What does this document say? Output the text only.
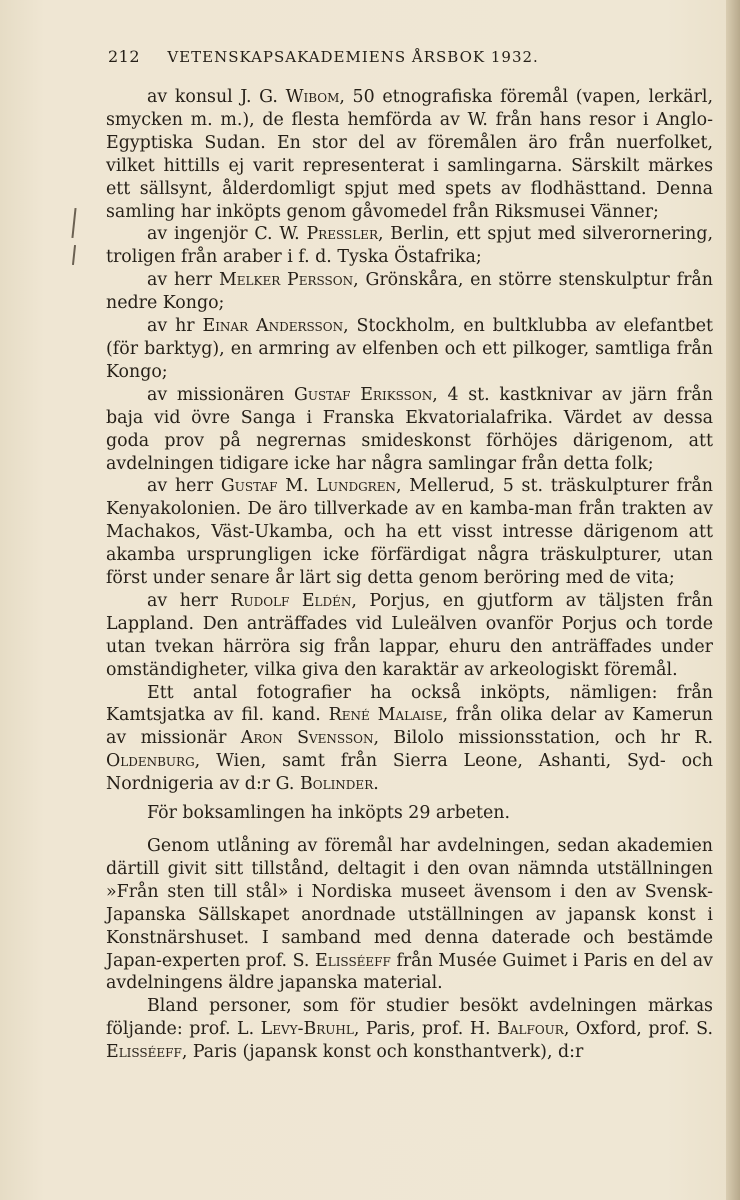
212 VETENSKAPSAKADEMIENS ÅRSBOK 1932.

av konsul J. G. Wibom, 50 etnografiska föremål (vapen, lerkärl, smycken m. m.), de flesta hemförda av W. från hans resor i Anglo-Egyptiska Sudan. En stor del av föremålen äro från nuerfolket, vilket hittills ej varit representerat i samlingarna. Särskilt märkes ett sällsynt, ålderdomligt spjut med spets av flodhästtand. Denna samling har inköpts genom gåvomedel från Riksmusei Vänner;

av ingenjör C. W. Pressler, Berlin, ett spjut med silverornering, troligen från araber i f. d. Tyska Östafrika;

av herr Melker Persson, Grönskåra, en större stenskulptur från nedre Kongo;

av hr Einar Andersson, Stockholm, en bultklubba av elefantbet (för barktyg), en armring av elfenben och ett pilkoger, samtliga från Kongo;

av missionären Gustaf Eriksson, 4 st. kastknivar av järn från baja vid övre Sanga i Franska Ekvatorialafrika. Värdet av dessa goda prov på negrernas smideskonst förhöjes därigenom, att avdelningen tidigare icke har några samlingar från detta folk;

av herr Gustaf M. Lundgren, Mellerud, 5 st. träskulpturer från Kenyakolonien. De äro tillverkade av en kamba-man från trakten av Machakos, Väst-Ukamba, och ha ett visst intresse därigenom att akamba ursprungligen icke förfärdigat några träskulpturer, utan först under senare år lärt sig detta genom beröring med de vita;

av herr Rudolf Eldén, Porjus, en gjutform av täljsten från Lappland. Den anträffades vid Luleälven ovanför Porjus och torde utan tvekan härröra sig från lappar, ehuru den anträffades under omständigheter, vilka giva den karaktär av arkeologiskt föremål.

Ett antal fotografier ha också inköpts, nämligen: från Kamtsjatka av fil. kand. René Malaise, från olika delar av Kamerun av missionär Aron Svensson, Bilolo missionsstation, och hr R. Oldenburg, Wien, samt från Sierra Leone, Ashanti, Syd- och Nordnigeria av d:r G. Bolinder.

För boksamlingen ha inköpts 29 arbeten.

Genom utlåning av föremål har avdelningen, sedan akademien därtill givit sitt tillstånd, deltagit i den ovan nämnda utställningen »Från sten till stål» i Nordiska museet ävensom i den av Svensk-Japanska Sällskapet anordnade utställningen av japansk konst i Konstnärshuset. I samband med denna daterade och bestämde Japan-experten prof. S. Elisséeff från Musée Guimet i Paris en del av avdelningens äldre japanska material.

Bland personer, som för studier besökt avdelningen märkas följande: prof. L. Levy-Bruhl, Paris, prof. H. Balfour, Oxford, prof. S. Elisséeff, Paris (japansk konst och konsthantverk), d:r
